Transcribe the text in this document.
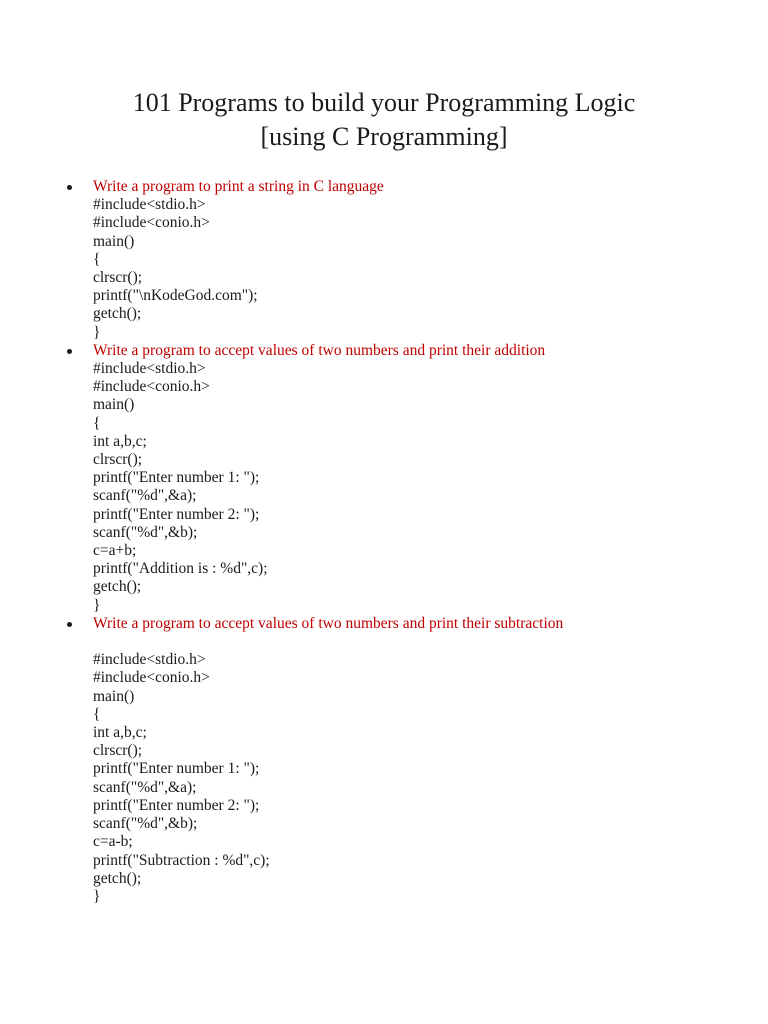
101 Programs to build your Programming Logic
[using C Programming]
Write a program to print a string in C language
#include<stdio.h>
#include<conio.h>
main()
{
clrscr();
printf("\nKodeGod.com");
getch();
}
Write a program to accept values of two numbers and print their addition
#include<stdio.h>
#include<conio.h>
main()
{
int a,b,c;
clrscr();
printf("Enter number 1: ");
scanf("%d",&a);
printf("Enter number 2: ");
scanf("%d",&b);
c=a+b;
printf("Addition is : %d",c);
getch();
}
Write a program to accept values of two numbers and print their subtraction
#include<stdio.h>
#include<conio.h>
main()
{
int a,b,c;
clrscr();
printf("Enter number 1: ");
scanf("%d",&a);
printf("Enter number 2: ");
scanf("%d",&b);
c=a-b;
printf("Subtraction : %d",c);
getch();
}
